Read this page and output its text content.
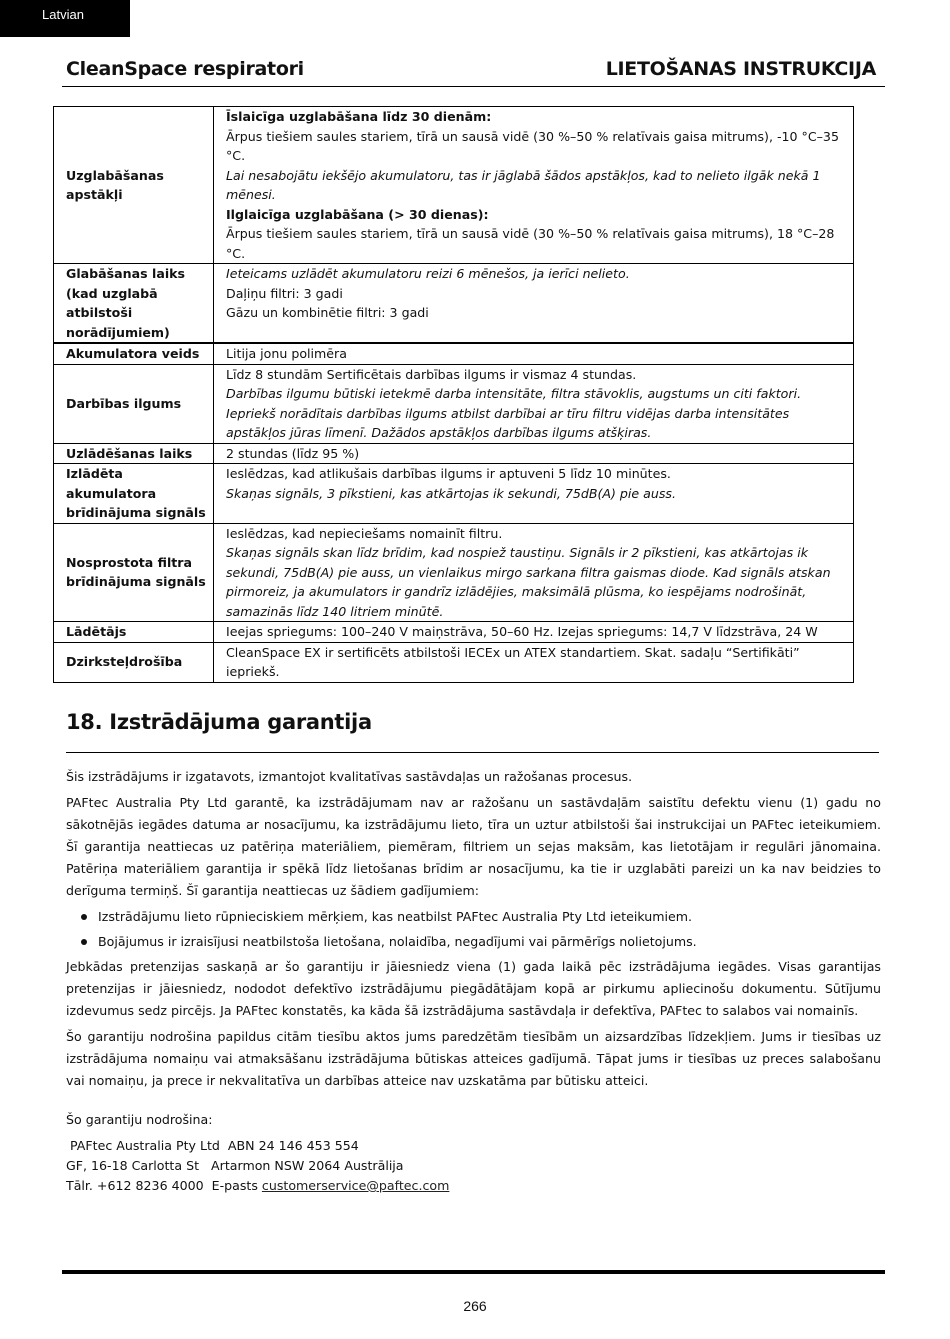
Latvian
CleanSpace respiratori	LIETOŠANAS INSTRUKCIJA
Uzglabāšanas apstākļi	Īslaicīga uzglabāšana līdz 30 dienām:
Ārpus tiešiem saules stariem, tīrā un sausā vidē (30 %–50 % relatīvais gaisa mitrums), -10 °C–35 °C.
Lai nesabojātu iekšējo akumulatoru, tas ir jāglabā šādos apstākļos, kad to nelieto ilgāk nekā 1 mēnesi.
Ilglaicīga uzglabāšana (> 30 dienas):
Ārpus tiešiem saules stariem, tīrā un sausā vidē (30 %–50 % relatīvais gaisa mitrums), 18 °C–28 °C.

Glabāšanas laiks (kad uzglabā atbilstoši norādījumiem)	Ieteicams uzlādēt akumulatoru reizi 6 mēnešos, ja ierīci nelieto.
Daļiņu filtri: 3 gadi
Gāzu un kombinētie filtri: 3 gadi

Akumulatora veids	Litija jonu polimēra
Darbības ilgums	Līdz 8 stundām Sertificētais darbības ilgums ir vismaz 4 stundas.
Darbības ilgumu būtiski ietekmē darba intensitāte, filtra stāvoklis, augstums un citi faktori. Iepriekš norādītais darbības ilgums atbilst darbībai ar tīru filtru vidējas darba intensitātes apstākļos jūras līmenī. Dažādos apstākļos darbības ilgums atšķiras.

Uzlādēšanas laiks	2 stundas (līdz 95 %)
Izlādēta akumulatora brīdinājuma signāls	Ieslēdzas, kad atlikušais darbības ilgums ir aptuveni 5 līdz 10 minūtes.
Skaņas signāls, 3 pīkstieni, kas atkārtojas ik sekundi, 75dB(A) pie auss.

Nosprostota filtra brīdinājuma signāls	Ieslēdzas, kad nepieciešams nomainīt filtru.
Skaņas signāls skan līdz brīdim, kad nospiež taustiņu. Signāls ir 2 pīkstieni, kas atkārtojas ik sekundi, 75dB(A) pie auss, un vienlaikus mirgo sarkana filtra gaismas diode. Kad signāls atskan pirmoreiz, ja akumulators ir gandrīz izlādējies, maksimālā plūsma, ko iespējams nodrošināt, samazinās līdz 140 litriem minūtē.

Lādētājs	Ieejas spriegums: 100–240 V maiņstrāva, 50–60 Hz. Izejas spriegums: 14,7 V līdzstrāva, 24 W
Dzirksteļdrošība	CleanSpace EX ir sertificēts atbilstoši IECEx un ATEX standartiem. Skat. sadaļu “Sertifikāti” iepriekš.
18. Izstrādājuma garantija

Šis izstrādājums ir izgatavots, izmantojot kvalitatīvas sastāvdaļas un ražošanas procesus.

PAFtec Australia Pty Ltd garantē, ka izstrādājumam nav ar ražošanu un sastāvdaļām saistītu defektu vienu (1) gadu no sākotnējās iegādes datuma ar nosacījumu, ka izstrādājumu lieto, tīra un uztur atbilstoši šai instrukcijai un PAFtec ieteikumiem. Šī garantija neattiecas uz patēriņa materiāliem, piemēram, filtriem un sejas maksām, kas lietotājam ir regulāri jānomaina. Patēriņa materiāliem garantija ir spēkā līdz lietošanas brīdim ar nosacījumu, ka tie ir uzglabāti pareizi un ka nav beidzies to derīguma termiņš. Šī garantija neattiecas uz šādiem gadījumiem:

Izstrādājumu lieto rūpnieciskiem mērķiem, kas neatbilst PAFtec Australia Pty Ltd ieteikumiem.
Bojājumus ir izraisījusi neatbilstoša lietošana, nolaidība, negadījumi vai pārmērīgs nolietojums.

Jebkādas pretenzijas saskaņā ar šo garantiju ir jāiesniedz viena (1) gada laikā pēc izstrādājuma iegādes. Visas garantijas pretenzijas ir jāiesniedz, nododot defektīvo izstrādājumu piegādātājam kopā ar pirkumu apliecinošu dokumentu. Sūtījumu izdevumus sedz pircējs. Ja PAFtec konstatēs, ka kāda šā izstrādājuma sastāvdaļa ir defektīva, PAFtec to salabos vai nomainīs.

Šo garantiju nodrošina papildus citām tiesību aktos jums paredzētām tiesībām un aizsardzības līdzekļiem. Jums ir tiesības uz izstrādājuma nomaiņu vai atmaksāšanu izstrādājuma būtiskas atteices gadījumā. Tāpat jums ir tiesības uz preces salabošanu vai nomaiņu, ja prece ir nekvalitatīva un darbības atteice nav uzskatāma par būtisku atteici.

Šo garantiju nodrošina:
PAFtec Australia Pty Ltd  ABN 24 146 453 554
GF, 16-18 Carlotta St   Artarmon NSW 2064 Austrālija
Tālr. +612 8236 4000  E-pasts customerservice@paftec.com
266
